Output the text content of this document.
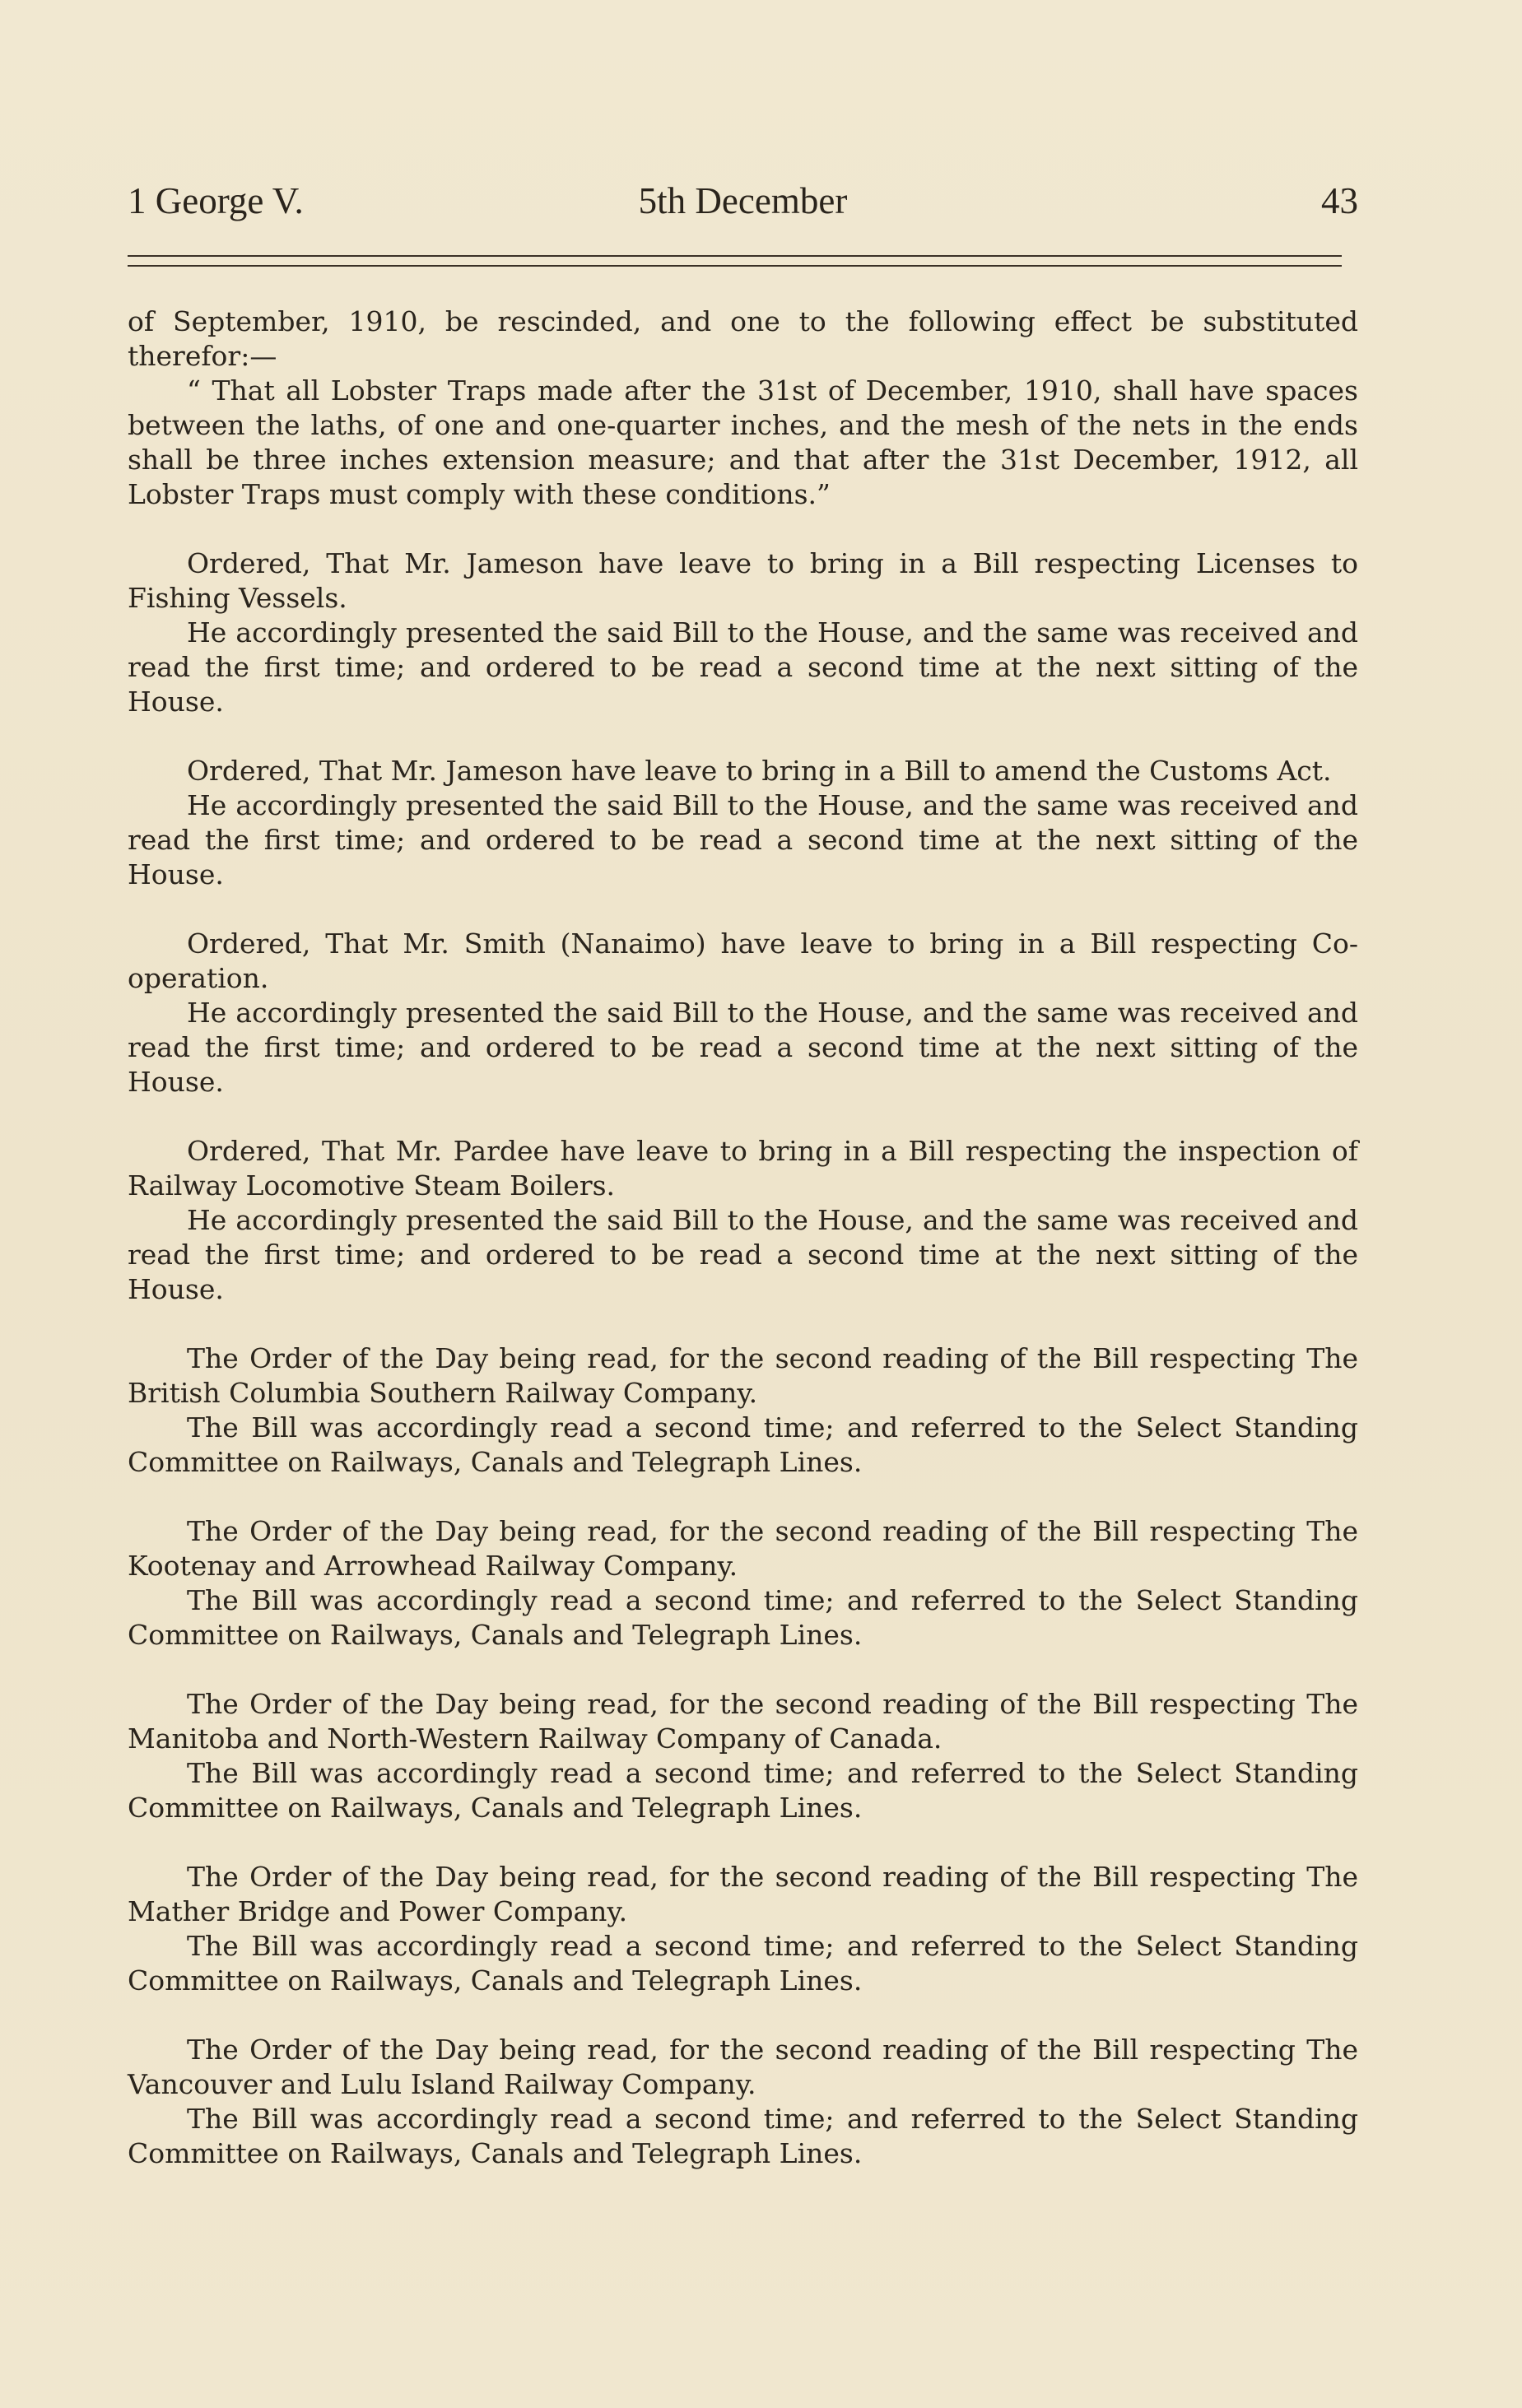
1 George V.	5th December	43

of September, 1910, be rescinded, and one to the following effect be substituted therefor:—

“ That all Lobster Traps made after the 31st of December, 1910, shall have spaces between the laths, of one and one-quarter inches, and the mesh of the nets in the ends shall be three inches extension measure; and that after the 31st December, 1912, all Lobster Traps must comply with these conditions.”

Ordered, That Mr. Jameson have leave to bring in a Bill respecting Licenses to Fishing Vessels.

He accordingly presented the said Bill to the House, and the same was received and read the first time; and ordered to be read a second time at the next sitting of the House.

Ordered, That Mr. Jameson have leave to bring in a Bill to amend the Customs Act.

He accordingly presented the said Bill to the House, and the same was received and read the first time; and ordered to be read a second time at the next sitting of the House.

Ordered, That Mr. Smith (Nanaimo) have leave to bring in a Bill respecting Co-operation.

He accordingly presented the said Bill to the House, and the same was received and read the first time; and ordered to be read a second time at the next sitting of the House.

Ordered, That Mr. Pardee have leave to bring in a Bill respecting the inspection of Railway Locomotive Steam Boilers.

He accordingly presented the said Bill to the House, and the same was received and read the first time; and ordered to be read a second time at the next sitting of the House.

The Order of the Day being read, for the second reading of the Bill respecting The British Columbia Southern Railway Company.

The Bill was accordingly read a second time; and referred to the Select Standing Committee on Railways, Canals and Telegraph Lines.

The Order of the Day being read, for the second reading of the Bill respecting The Kootenay and Arrowhead Railway Company.

The Bill was accordingly read a second time; and referred to the Select Standing Committee on Railways, Canals and Telegraph Lines.

The Order of the Day being read, for the second reading of the Bill respecting The Manitoba and North-Western Railway Company of Canada.

The Bill was accordingly read a second time; and referred to the Select Standing Committee on Railways, Canals and Telegraph Lines.

The Order of the Day being read, for the second reading of the Bill respecting The Mather Bridge and Power Company.

The Bill was accordingly read a second time; and referred to the Select Standing Committee on Railways, Canals and Telegraph Lines.

The Order of the Day being read, for the second reading of the Bill respecting The Vancouver and Lulu Island Railway Company.

The Bill was accordingly read a second time; and referred to the Select Standing Committee on Railways, Canals and Telegraph Lines.
